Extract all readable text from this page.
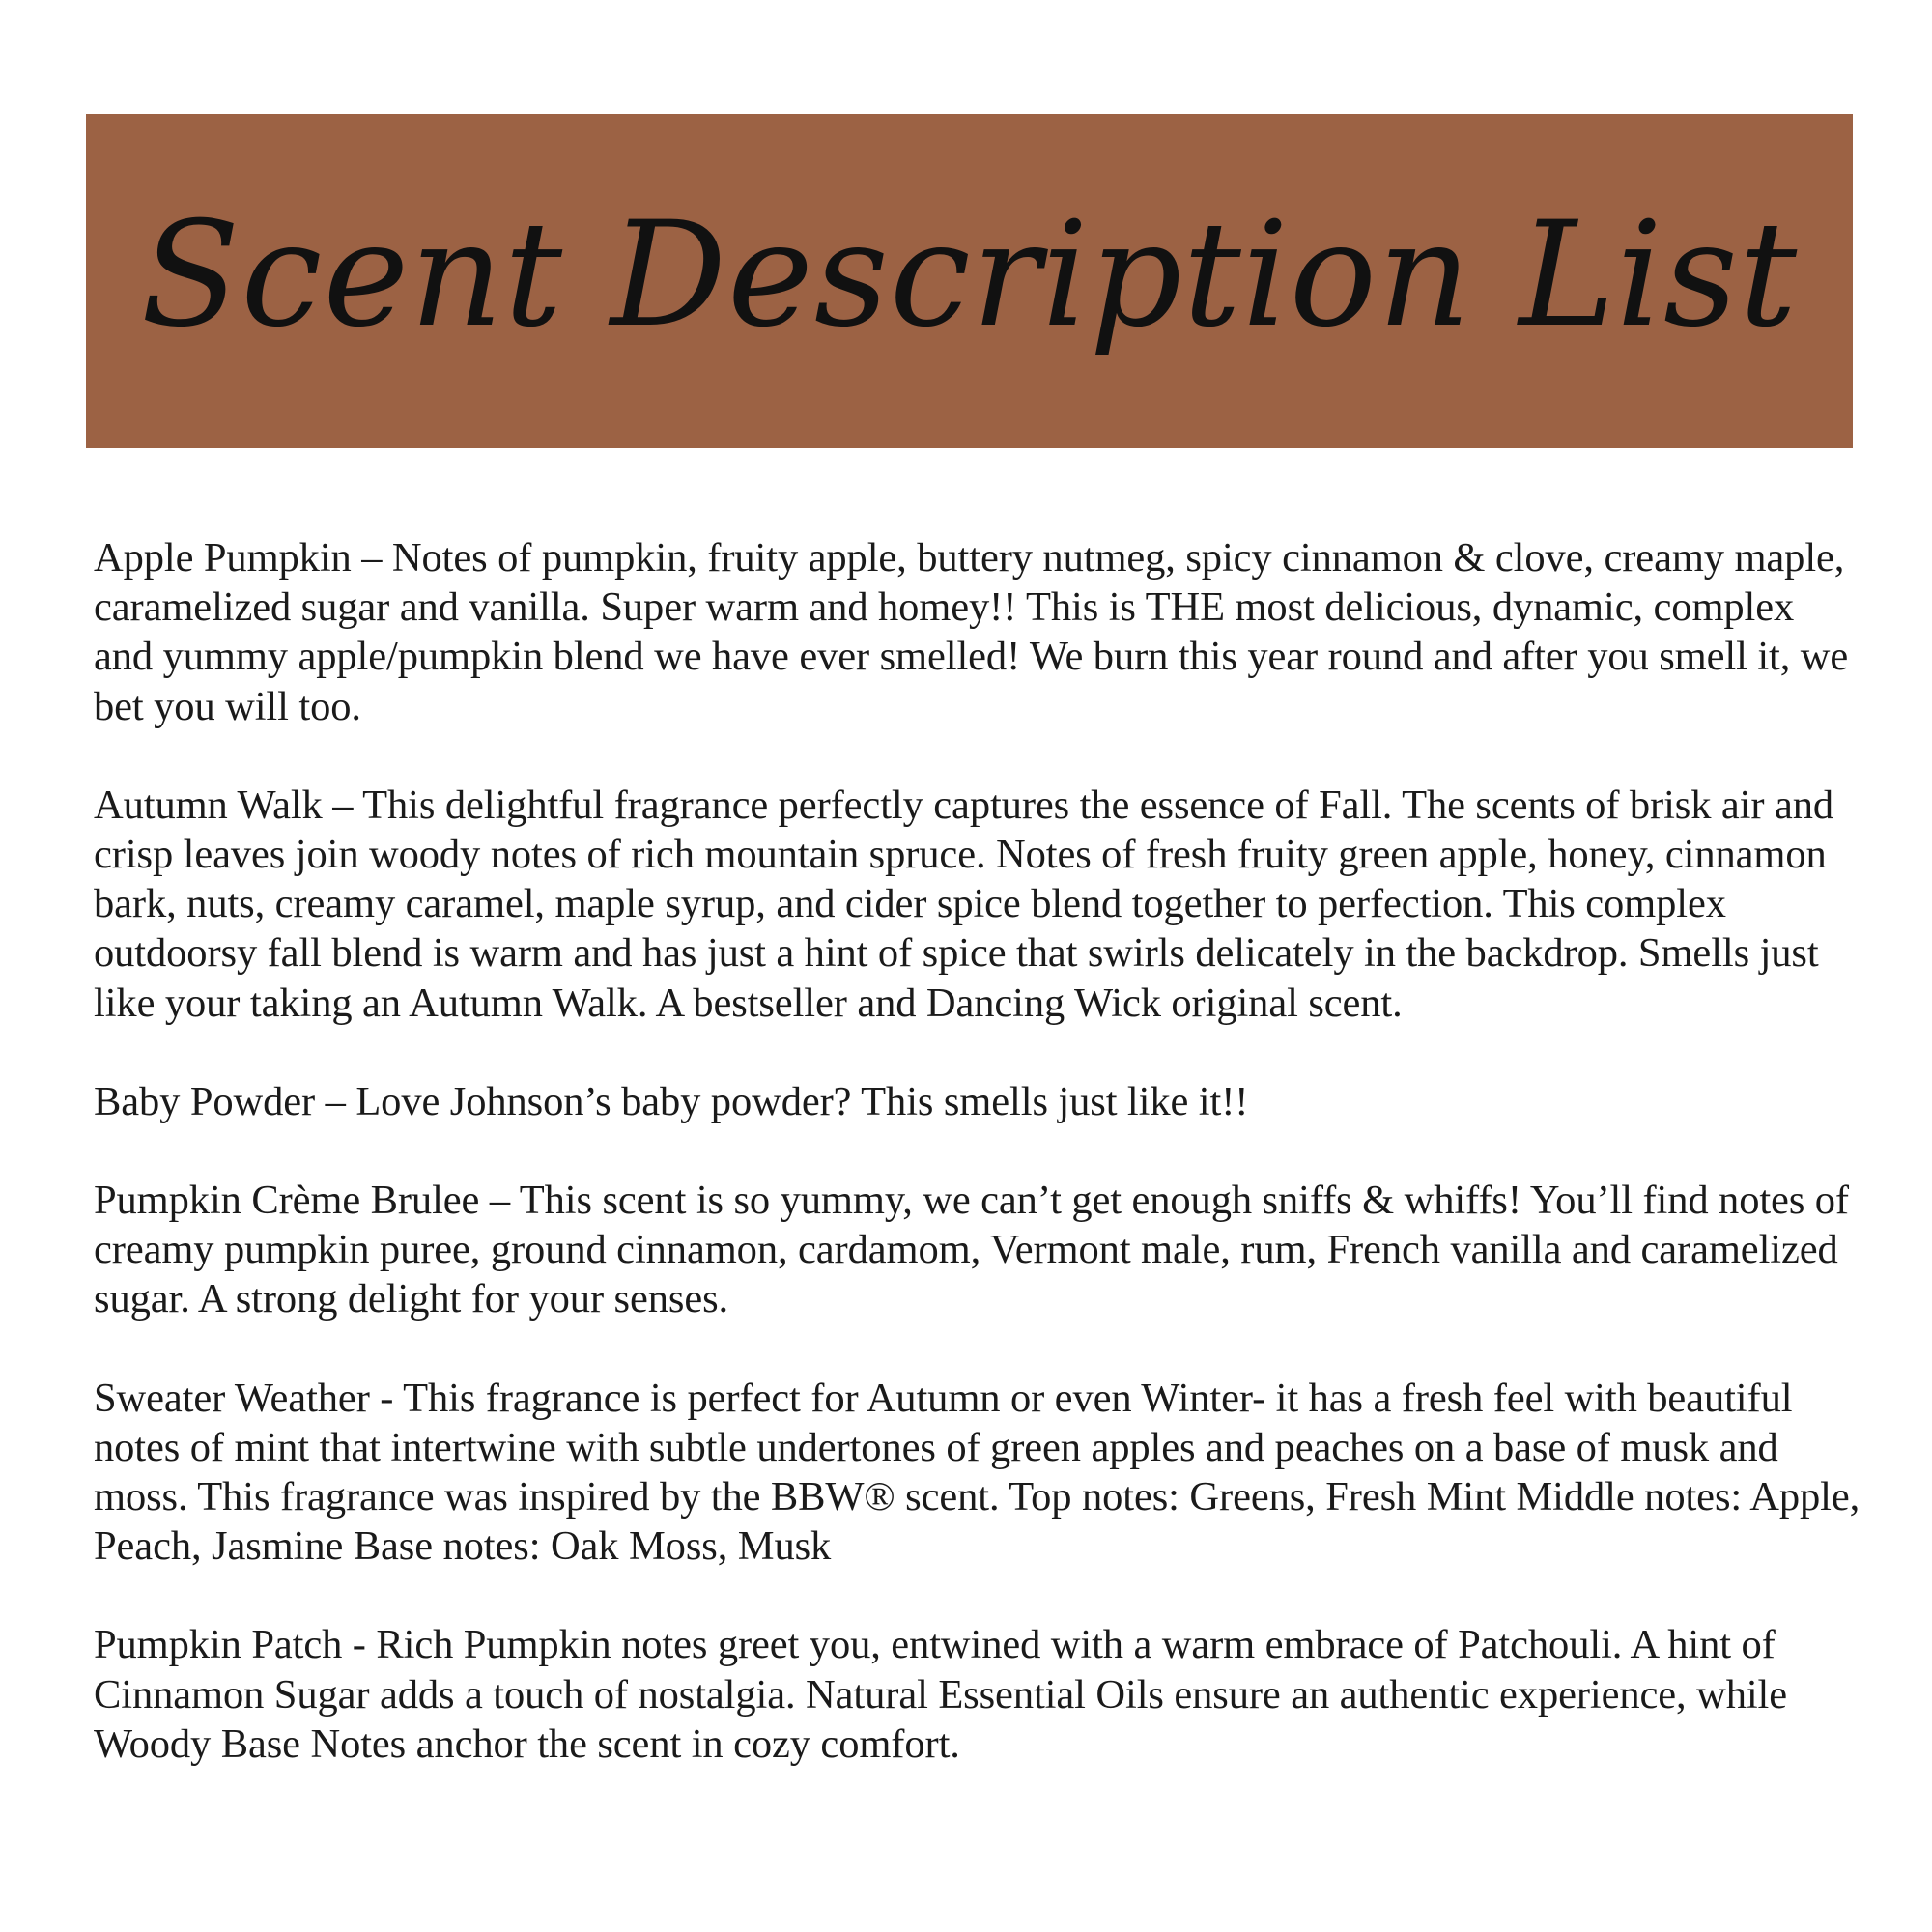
Scent Description List

Apple Pumpkin – Notes of pumpkin, fruity apple, buttery nutmeg, spicy cinnamon & clove, creamy maple, caramelized sugar and vanilla. Super warm and homey!! This is THE most delicious, dynamic, complex and yummy apple/pumpkin blend we have ever smelled! We burn this year round and after you smell it, we bet you will too.

Autumn Walk – This delightful fragrance perfectly captures the essence of Fall. The scents of brisk air and crisp leaves join woody notes of rich mountain spruce. Notes of fresh fruity green apple, honey, cinnamon bark, nuts, creamy caramel, maple syrup, and cider spice blend together to perfection. This complex outdoorsy fall blend is warm and has just a hint of spice that swirls delicately in the backdrop. Smells just like your taking an Autumn Walk. A bestseller and Dancing Wick original scent.

Baby Powder – Love Johnson’s baby powder? This smells just like it!!

Pumpkin Crème Brulee – This scent is so yummy, we can’t get enough sniffs & whiffs! You’ll find notes of creamy pumpkin puree, ground cinnamon, cardamom, Vermont male, rum, French vanilla and caramelized sugar. A strong delight for your senses.

Sweater Weather - This fragrance is perfect for Autumn or even Winter- it has a fresh feel with beautiful notes of mint that intertwine with subtle undertones of green apples and peaches on a base of musk and moss. This fragrance was inspired by the BBW® scent. Top notes: Greens, Fresh Mint Middle notes: Apple, Peach, Jasmine Base notes: Oak Moss, Musk

Pumpkin Patch - Rich Pumpkin notes greet you, entwined with a warm embrace of Patchouli. A hint of Cinnamon Sugar adds a touch of nostalgia. Natural Essential Oils ensure an authentic experience, while Woody Base Notes anchor the scent in cozy comfort.
